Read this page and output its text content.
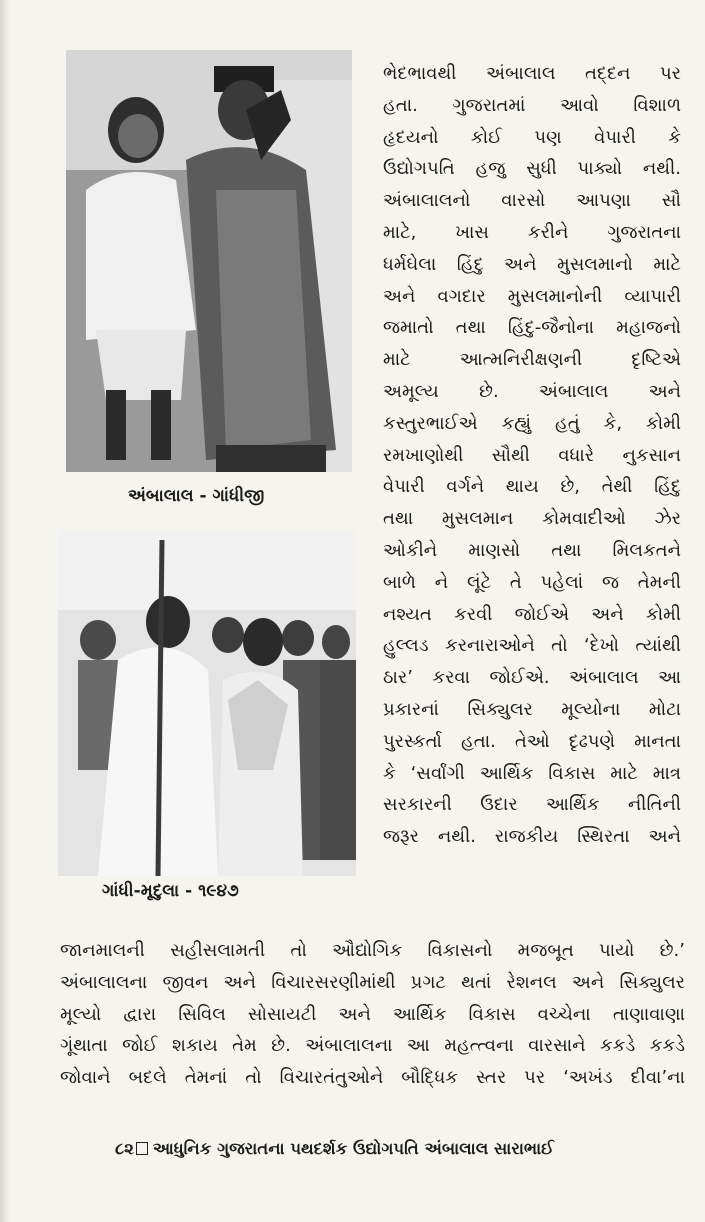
અંબાલાલ - ગાંધીજી
ગાંધી-મૃદુલા - ૧૯૪૭
ભેદભાવથી અંબાલાલ તદ્દન પર
હતા. ગુજરાતમાં આવો વિશાળ
હૃદયનો કોઈ પણ વેપારી કે
ઉદ્યોગપતિ હજુ સુધી પાક્યો નથી.
અંબાલાલનો વારસો આપણા સૌ
માટે, ખાસ કરીને ગુજરાતના
ધર્મઘેલા હિંદુ અને મુસલમાનો માટે
અને વગદાર મુસલમાનોની વ્યાપારી
જમાતો તથા હિંદુ-જૈનોના મહાજનો
માટે આત્મનિરીક્ષણની દૃષ્ટિએ
અમૂલ્ય છે. અંબાલાલ અને
કસ્તુરભાઈએ કહ્યું હતું કે, કોમી
રમખાણોથી સૌથી વધારે નુકસાન
વેપારી વર્ગને થાય છે, તેથી હિંદુ
તથા મુસલમાન કોમવાદીઓ ઝેર
ઓકીને માણસો તથા મિલકતને
બાળે ને લૂંટે તે પહેલાં જ તેમની
નશ્યત કરવી જોઈએ અને કોમી
હુલ્લડ કરનારાઓને તો ‘દેખો ત્યાંથી
ઠાર’ કરવા જોઈએ. અંબાલાલ આ
પ્રકારનાં સિક્યુલર મૂલ્યોના મોટા
પુરસ્કર્તા હતા. તેઓ દૃઢપણે માનતા
કે ‘સર્વાંગી આર્થિક વિકાસ માટે માત્ર
સરકારની ઉદાર આર્થિક નીતિની
જરૂર નથી. રાજકીય સ્થિરતા અને
જાનમાલની સહીસલામતી તો ઔદ્યોગિક વિકાસનો મજબૂત પાયો છે.’
અંબાલાલના જીવન અને વિચારસરણીમાંથી પ્રગટ થતાં રેશનલ અને સિક્યુલર
મૂલ્યો દ્વારા સિવિલ સોસાયટી અને આર્થિક વિકાસ વચ્ચેના તાણાવાણા
ગૂંથાતા જોઈ શકાય તેમ છે. અંબાલાલના આ મહત્ત્વના વારસાને કકડે કકડે
જોવાને બદલે તેમનાં તો વિચારતંતુઓને બૌદ્ધિક સ્તર પર ‘અખંડ દીવા’ના
૮૨ આધુનિક ગુજરાતના પથદર્શક ઉદ્યોગપતિ અંબાલાલ સારાભાઈ
